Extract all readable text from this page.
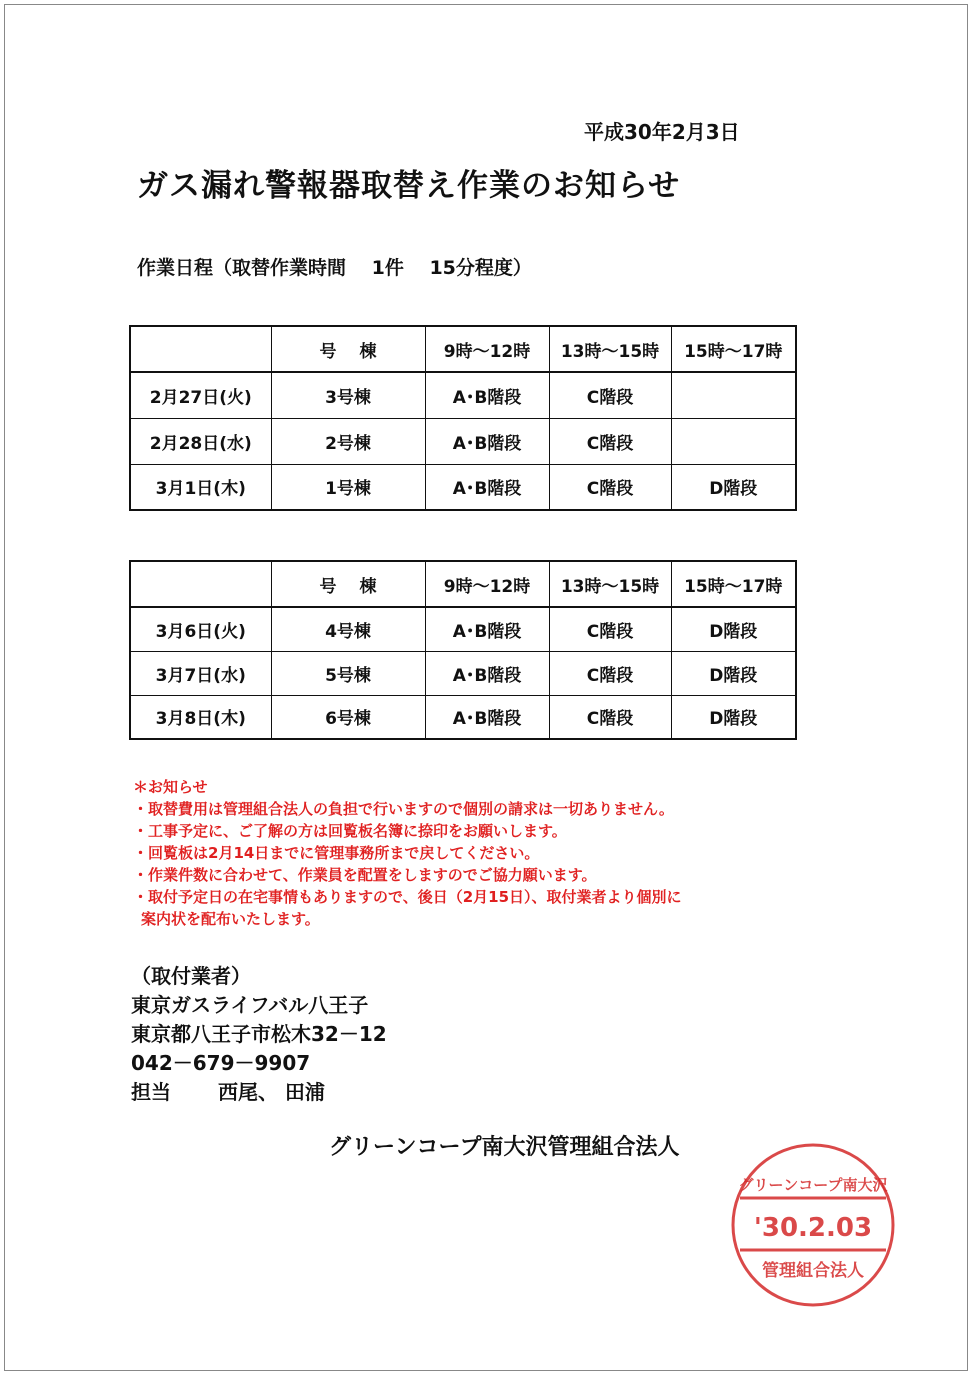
平成30年2月3日
ガス漏れ警報器取替え作業のお知らせ
作業日程（取替作業時間　 1件　 15分程度）
	号　 棟	9時～12時	13時～15時	15時～17時
2月27日(火)	3号棟	A･B階段	C階段	
2月28日(水)	2号棟	A･B階段	C階段	
3月1日(木)	1号棟	A･B階段	C階段	D階段
	号　 棟	9時～12時	13時～15時	15時～17時
3月6日(火)	4号棟	A･B階段	C階段	D階段
3月7日(水)	5号棟	A･B階段	C階段	D階段
3月8日(木)	6号棟	A･B階段	C階段	D階段
＊お知らせ
・取替費用は管理組合法人の負担で行いますので個別の請求は一切ありません。
・工事予定に、ご了解の方は回覧板名簿に捺印をお願いします。
・回覧板は2月14日までに管理事務所まで戻してください。
・作業件数に合わせて、作業員を配置をしますのでご協力願います。
・取付予定日の在宅事情もありますので、後日（2月15日）、取付業者より個別に
案内状を配布いたします。
（取付業者）
東京ガスライフバル八王子
東京都八王子市松木32－12
042－679－9907
担当　　 西尾、 田浦
グリーンコープ南大沢管理組合法人
グリーンコープ南大沢
'30.2.03
管理組合法人
